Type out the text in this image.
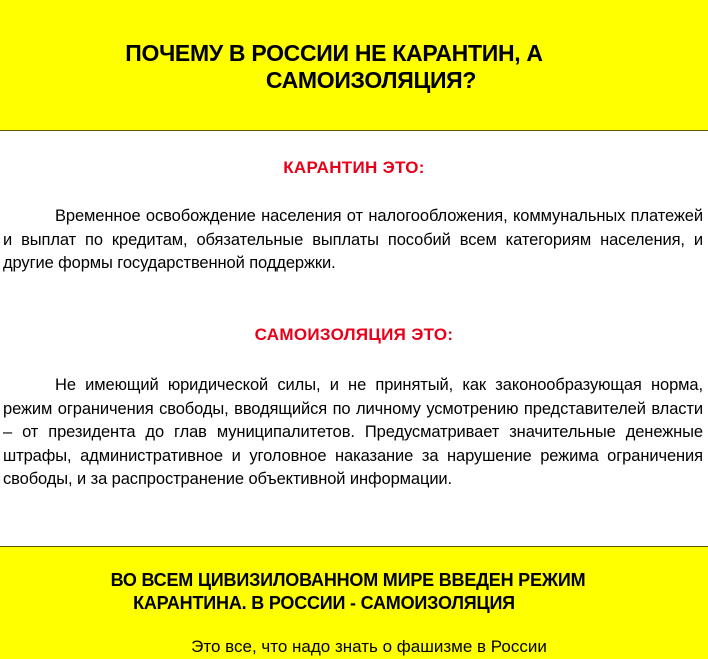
ПОЧЕМУ В РОССИИ НЕ КАРАНТИН, А
САМОИЗОЛЯЦИЯ?
КАРАНТИН ЭТО:
Временное освобождение населения от налогообложения, коммунальных платежей и выплат по кредитам, обязательные выплаты пособий всем категориям населения, и другие формы государственной поддержки.
САМОИЗОЛЯЦИЯ ЭТО:
Не имеющий юридической силы, и не принятый, как законообразующая норма, режим ограничения свободы, вводящийся по личному усмотрению представителей власти – от президента до глав муниципалитетов. Предусматривает значительные денежные штрафы, административное и уголовное наказание за нарушение режима ограничения свободы, и за распространение объективной информации.
ВО ВСЕМ ЦИВИЗИЛОВАННОМ МИРЕ ВВЕДЕН РЕЖИМ
КАРАНТИНА. В РОССИИ - САМОИЗОЛЯЦИЯ
Это все, что надо знать о фашизме в России
